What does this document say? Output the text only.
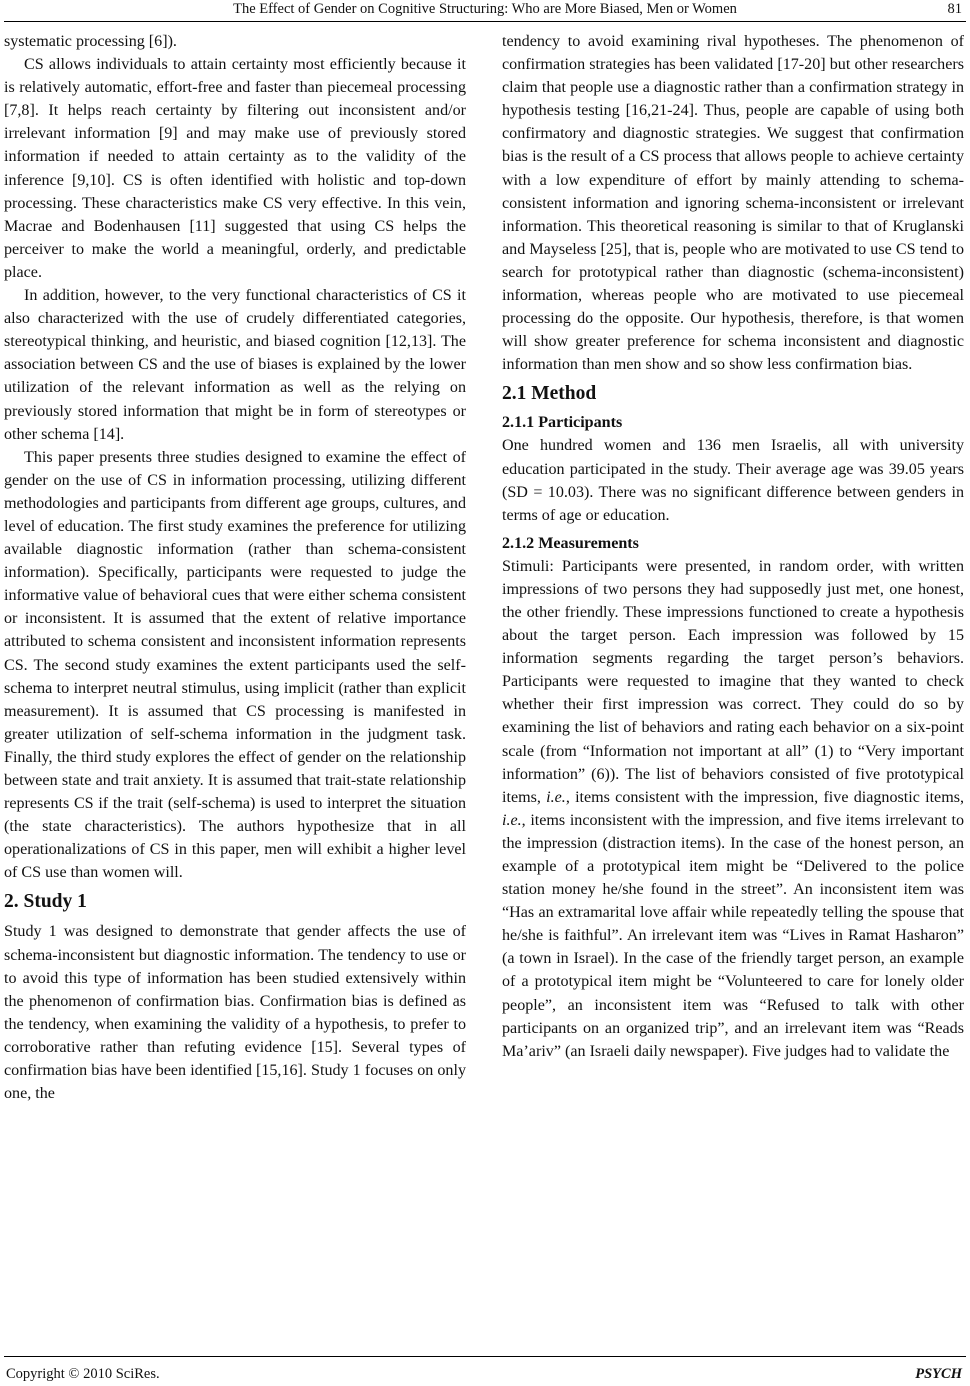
The Effect of Gender on Cognitive Structuring: Who are More Biased, Men or Women	81

systematic processing [6]).

CS allows individuals to attain certainty most efficiently because it is relatively automatic, effort-free and faster than piecemeal processing [7,8]. It helps reach certainty by filtering out inconsistent and/or irrelevant information [9] and may make use of previously stored information if needed to attain certainty as to the validity of the inference [9,10]. CS is often identified with holistic and top-down processing. These characteristics make CS very effective. In this vein, Macrae and Bodenhausen [11] suggested that using CS helps the perceiver to make the world a meaningful, orderly, and predictable place.

In addition, however, to the very functional characteristics of CS it also characterized with the use of crudely differentiated categories, stereotypical thinking, and heuristic, and biased cognition [12,13]. The association between CS and the use of biases is explained by the lower utilization of the relevant information as well as the relying on previously stored information that might be in form of stereotypes or other schema [14].

This paper presents three studies designed to examine the effect of gender on the use of CS in information processing, utilizing different methodologies and participants from different age groups, cultures, and level of education. The first study examines the preference for utilizing available diagnostic information (rather than schema-consistent information). Specifically, participants were requested to judge the informative value of behavioral cues that were either schema consistent or inconsistent. It is assumed that the extent of relative importance attributed to schema consistent and inconsistent information represents CS. The second study examines the extent participants used the self-schema to interpret neutral stimulus, using implicit (rather than explicit measurement). It is assumed that CS processing is manifested in greater utilization of self-schema information in the judgment task. Finally, the third study explores the effect of gender on the relationship between state and trait anxiety. It is assumed that trait-state relationship represents CS if the trait (self-schema) is used to interpret the situation (the state characteristics). The authors hypothesize that in all operationalizations of CS in this paper, men will exhibit a higher level of CS use than women will.

2. Study 1

Study 1 was designed to demonstrate that gender affects the use of schema-inconsistent but diagnostic information. The tendency to use or to avoid this type of information has been studied extensively within the phenomenon of confirmation bias. Confirmation bias is defined as the tendency, when examining the validity of a hypothesis, to prefer to corroborative rather than refuting evidence [15]. Several types of confirmation bias have been identified [15,16]. Study 1 focuses on only one, the

tendency to avoid examining rival hypotheses. The phenomenon of confirmation strategies has been validated [17-20] but other researchers claim that people use a diagnostic rather than a confirmation strategy in hypothesis testing [16,21-24]. Thus, people are capable of using both confirmatory and diagnostic strategies. We suggest that confirmation bias is the result of a CS process that allows people to achieve certainty with a low expenditure of effort by mainly attending to schema-consistent information and ignoring schema-inconsistent or irrelevant information. This theoretical reasoning is similar to that of Kruglanski and Mayseless [25], that is, people who are motivated to use CS tend to search for prototypical rather than diagnostic (schema-inconsistent) information, whereas people who are motivated to use piecemeal processing do the opposite. Our hypothesis, therefore, is that women will show greater preference for schema inconsistent and diagnostic information than men show and so show less confirmation bias.

2.1 Method
2.1.1 Participants

One hundred women and 136 men Israelis, all with university education participated in the study. Their average age was 39.05 years (SD = 10.03). There was no significant difference between genders in terms of age or education.

2.1.2 Measurements

Stimuli: Participants were presented, in random order, with written impressions of two persons they had supposedly just met, one honest, the other friendly. These impressions functioned to create a hypothesis about the target person. Each impression was followed by 15 information segments regarding the target person’s behaviors. Participants were requested to imagine that they wanted to check whether their first impression was correct. They could do so by examining the list of behaviors and rating each behavior on a six-point scale (from “Information not important at all” (1) to “Very important information” (6)). The list of behaviors consisted of five prototypical items, i.e., items consistent with the impression, five diagnostic items, i.e., items inconsistent with the impression, and five items irrelevant to the impression (distraction items). In the case of the honest person, an example of a prototypical item might be “Delivered to the police station money he/she found in the street”. An inconsistent item was “Has an extramarital love affair while repeatedly telling the spouse that he/she is faithful”. An irrelevant item was “Lives in Ramat Hasharon” (a town in Israel). In the case of the friendly target person, an example of a prototypical item might be “Volunteered to care for lonely older people”, an inconsistent item was “Refused to talk with other participants on an organized trip”, and an irrelevant item was “Reads Ma’ariv” (an Israeli daily newspaper). Five judges had to validate the

Copyright © 2010 SciRes.	PSYCH
